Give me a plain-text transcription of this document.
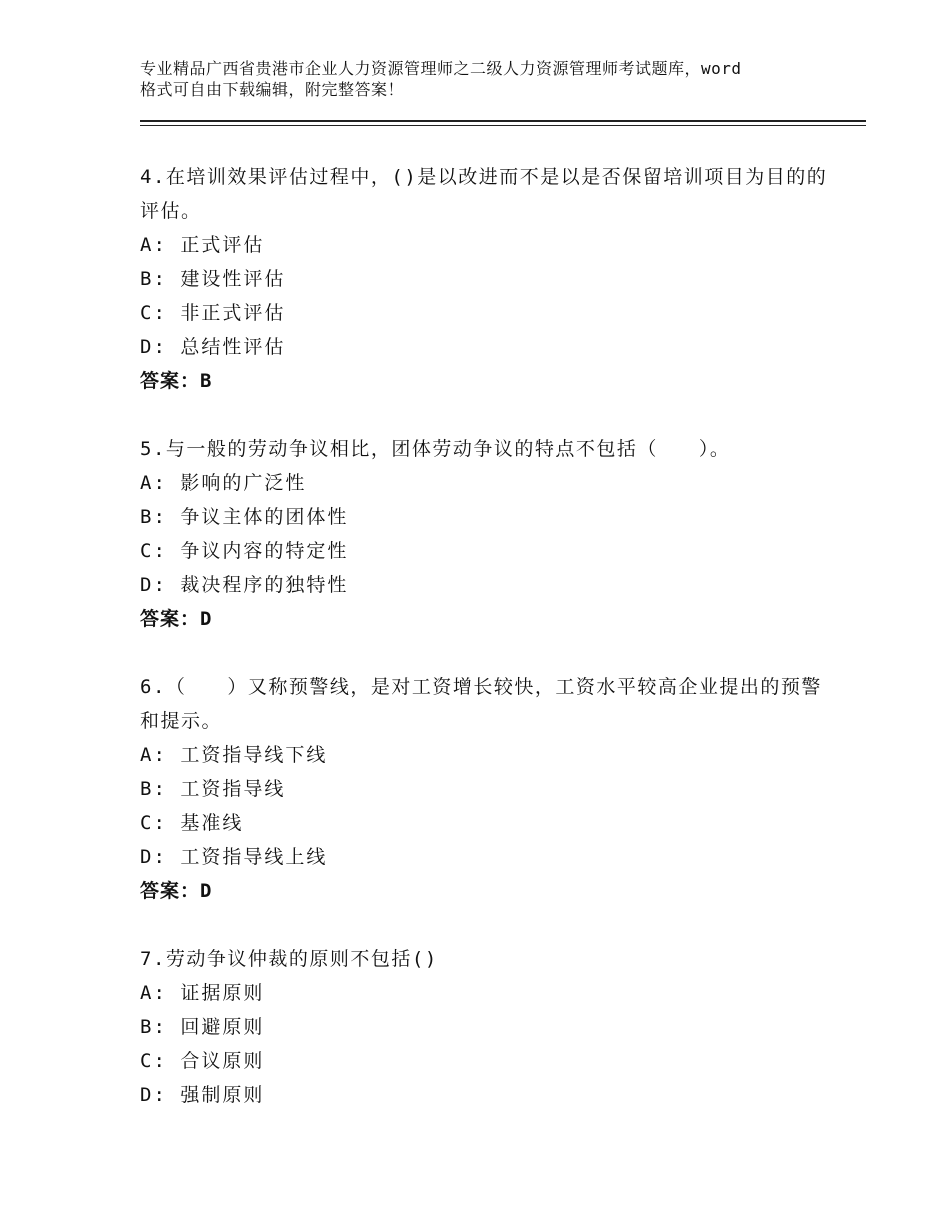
专业精品广西省贵港市企业人力资源管理师之二级人力资源管理师考试题库，word
格式可自由下载编辑，附完整答案！

4.在培训效果评估过程中，()是以改进而不是以是否保留培训项目为目的的评估。

A: 正式评估

B: 建设性评估

C: 非正式评估

D: 总结性评估

答案：B

5.与一般的劳动争议相比，团体劳动争议的特点不包括（　　）。

A: 影响的广泛性

B: 争议主体的团体性

C: 争议内容的特定性

D: 裁决程序的独特性

答案：D

6.（　　）又称预警线，是对工资增长较快，工资水平较高企业提出的预警和提示。

A: 工资指导线下线

B: 工资指导线

C: 基准线

D: 工资指导线上线

答案：D

7.劳动争议仲裁的原则不包括()

A: 证据原则

B: 回避原则

C: 合议原则

D: 强制原则
